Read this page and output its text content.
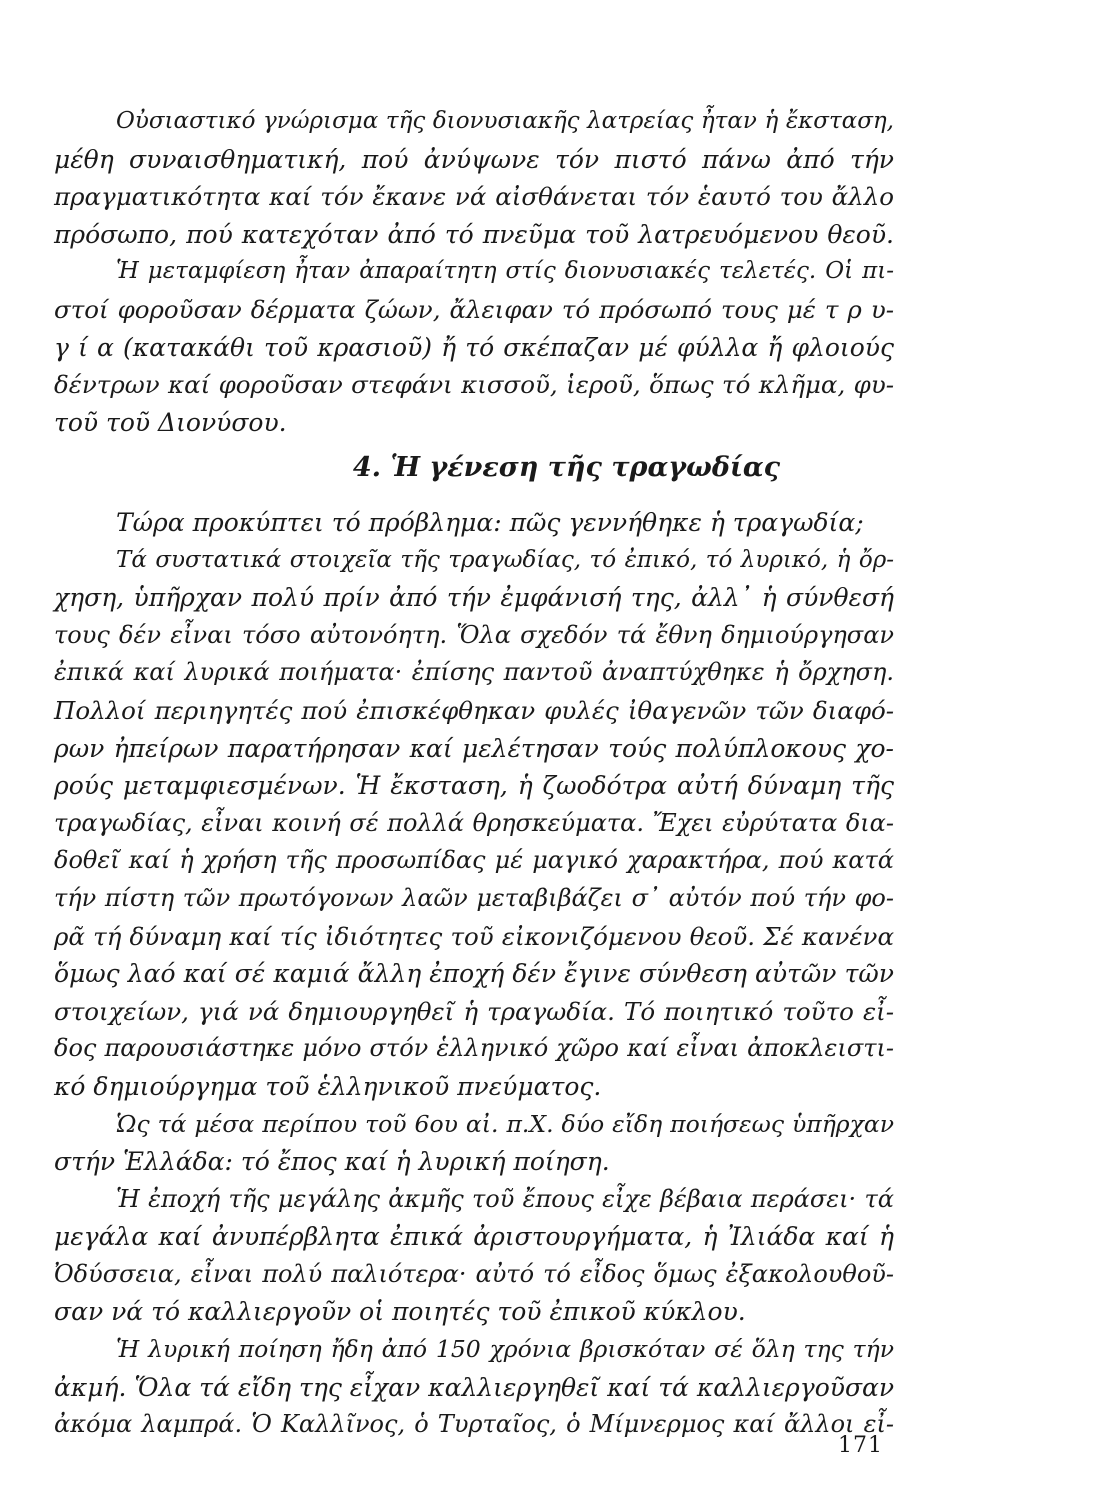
Οὐσιαστικό γνώρισμα τῆς διονυσιακῆς λατρείας ἦταν ἡ ἔκσταση,
μέθη συναισθηματική, πού ἀνύψωνε τόν πιστό πάνω ἀπό τήν
πραγματικότητα καί τόν ἔκανε νά αἰσθάνεται τόν ἑαυτό του ἄλλο
πρόσωπο, πού κατεχόταν ἀπό τό πνεῦμα τοῦ λατρευόμενου θεοῦ.
Ἡ μεταμφίεση ἦταν ἀπαραίτητη στίς διονυσιακές τελετές. Οἱ πι-
στοί φοροῦσαν δέρματα ζώων, ἄλειφαν τό πρόσωπό τους μέ τ ρ υ-
γ ί α (κατακάθι τοῦ κρασιοῦ) ἤ τό σκέπαζαν μέ φύλλα ἤ φλοιούς
δέντρων καί φοροῦσαν στεφάνι κισσοῦ, ἱεροῦ, ὅπως τό κλῆμα, φυ-
τοῦ τοῦ Διονύσου.
4. Ἡ γένεση τῆς τραγωδίας
Τώρα προκύπτει τό πρόβλημα: πῶς γεννήθηκε ἡ τραγωδία;
Τά συστατικά στοιχεῖα τῆς τραγωδίας, τό ἐπικό, τό λυρικό, ἡ ὄρ-
χηση, ὑπῆρχαν πολύ πρίν ἀπό τήν ἐμφάνισή της, ἀλλ᾽ ἡ σύνθεσή
τους δέν εἶναι τόσο αὐτονόητη. Ὅλα σχεδόν τά ἔθνη δημιούργησαν
ἐπικά καί λυρικά ποιήματα· ἐπίσης παντοῦ ἀναπτύχθηκε ἡ ὄρχηση.
Πολλοί περιηγητές πού ἐπισκέφθηκαν φυλές ἰθαγενῶν τῶν διαφό-
ρων ἠπείρων παρατήρησαν καί μελέτησαν τούς πολύπλοκους χο-
ρούς μεταμφιεσμένων. Ἡ ἔκσταση, ἡ ζωοδότρα αὐτή δύναμη τῆς
τραγωδίας, εἶναι κοινή σέ πολλά θρησκεύματα. Ἔχει εὐρύτατα δια-
δοθεῖ καί ἡ χρήση τῆς προσωπίδας μέ μαγικό χαρακτήρα, πού κατά
τήν πίστη τῶν πρωτόγονων λαῶν μεταβιβάζει σ᾽ αὐτόν πού τήν φο-
ρᾶ τή δύναμη καί τίς ἰδιότητες τοῦ εἰκονιζόμενου θεοῦ. Σέ κανένα
ὅμως λαό καί σέ καμιά ἄλλη ἐποχή δέν ἔγινε σύνθεση αὐτῶν τῶν
στοιχείων, γιά νά δημιουργηθεῖ ἡ τραγωδία. Τό ποιητικό τοῦτο εἶ-
δος παρουσιάστηκε μόνο στόν ἑλληνικό χῶρο καί εἶναι ἀποκλειστι-
κό δημιούργημα τοῦ ἑλληνικοῦ πνεύματος.
Ὡς τά μέσα περίπου τοῦ 6ου αἰ. π.Χ. δύο εἴδη ποιήσεως ὑπῆρχαν
στήν Ἑλλάδα: τό ἔπος καί ἡ λυρική ποίηση.
Ἡ ἐποχή τῆς μεγάλης ἀκμῆς τοῦ ἔπους εἶχε βέβαια περάσει· τά
μεγάλα καί ἀνυπέρβλητα ἐπικά ἀριστουργήματα, ἡ Ἰλιάδα καί ἡ
Ὀδύσσεια, εἶναι πολύ παλιότερα· αὐτό τό εἶδος ὅμως ἐξακολουθοῦ-
σαν νά τό καλλιεργοῦν οἱ ποιητές τοῦ ἐπικοῦ κύκλου.
Ἡ λυρική ποίηση ἤδη ἀπό 150 χρόνια βρισκόταν σέ ὅλη της τήν
ἀκμή. Ὅλα τά εἴδη της εἶχαν καλλιεργηθεῖ καί τά καλλιεργοῦσαν
ἀκόμα λαμπρά. Ὁ Καλλῖνος, ὁ Τυρταῖος, ὁ Μίμνερμος καί ἄλλοι εἶ-
171
